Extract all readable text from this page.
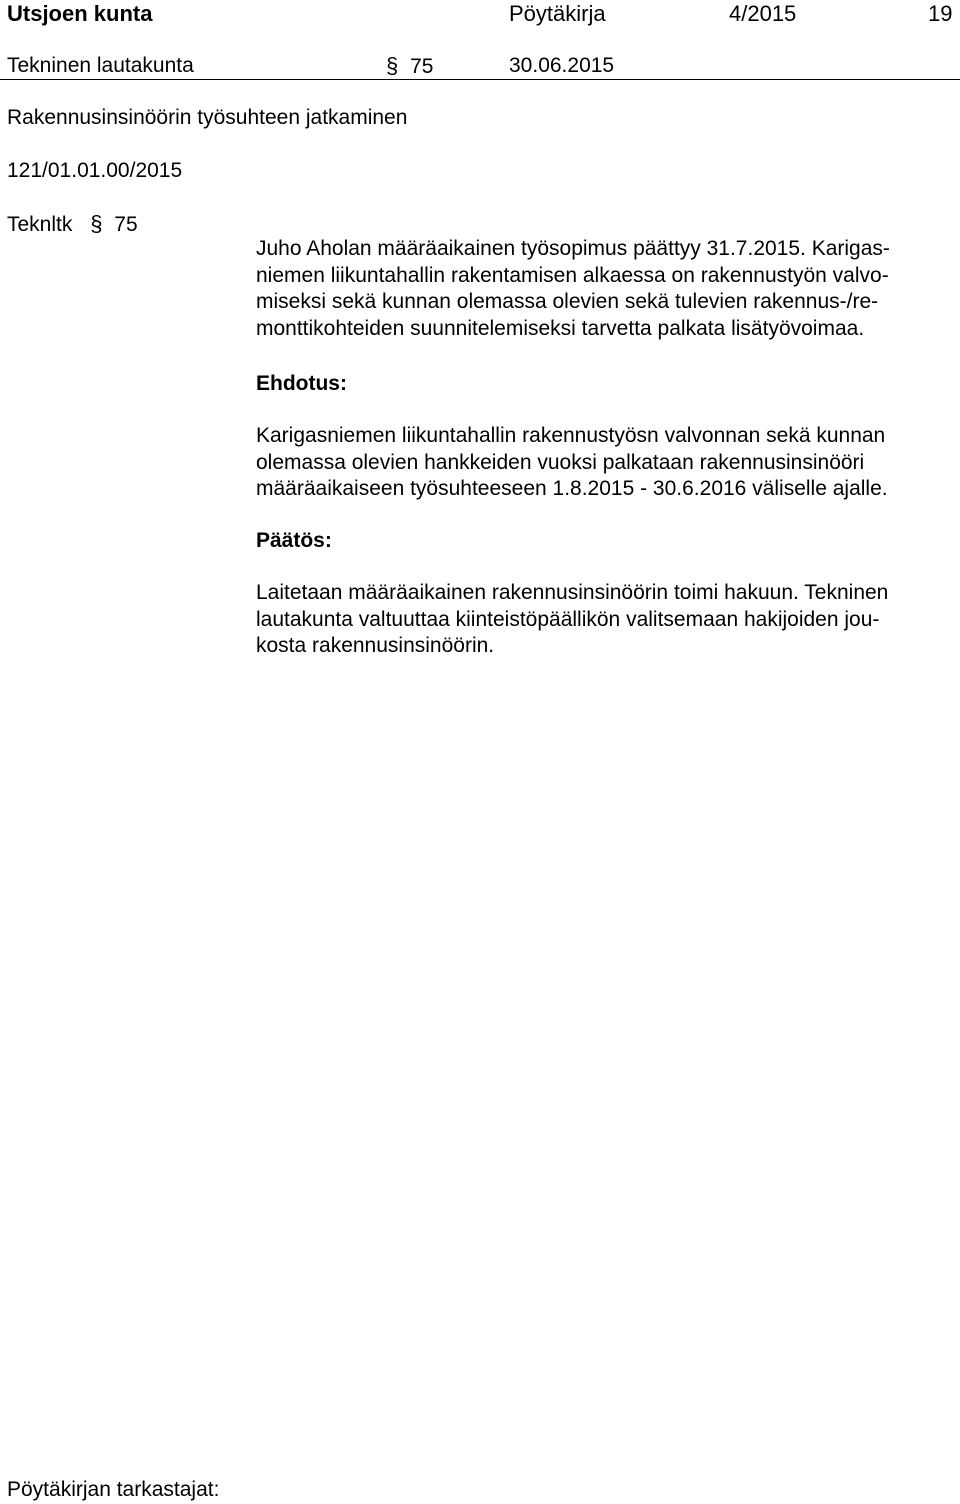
Utsjoen kunta	Pöytäkirja	4/2015	19
Tekninen lautakunta	§ 75	30.06.2015
Rakennusinsinöörin työsuhteen jatkaminen
121/01.01.00/2015
Teknltk § 75
Juho Aholan määräaikainen työsopimus päättyy 31.7.2015. Karigas-
niemen liikuntahallin rakentamisen alkaessa on rakennustyön valvo-
miseksi sekä kunnan olemassa olevien sekä tulevien rakennus-/re-
monttikohteiden suunnitelemiseksi tarvetta palkata lisätyövoimaa.
Ehdotus:
Karigasniemen liikuntahallin rakennustyösn valvonnan sekä kunnan
olemassa olevien hankkeiden vuoksi palkataan rakennusinsinööri
määräaikaiseen työsuhteeseen 1.8.2015 - 30.6.2016 väliselle ajalle.
Päätös:
Laitetaan määräaikainen rakennusinsinöörin toimi hakuun. Tekninen
lautakunta valtuuttaa kiinteistöpäällikön valitsemaan hakijoiden jou-
kosta rakennusinsinöörin.
Pöytäkirjan tarkastajat:
